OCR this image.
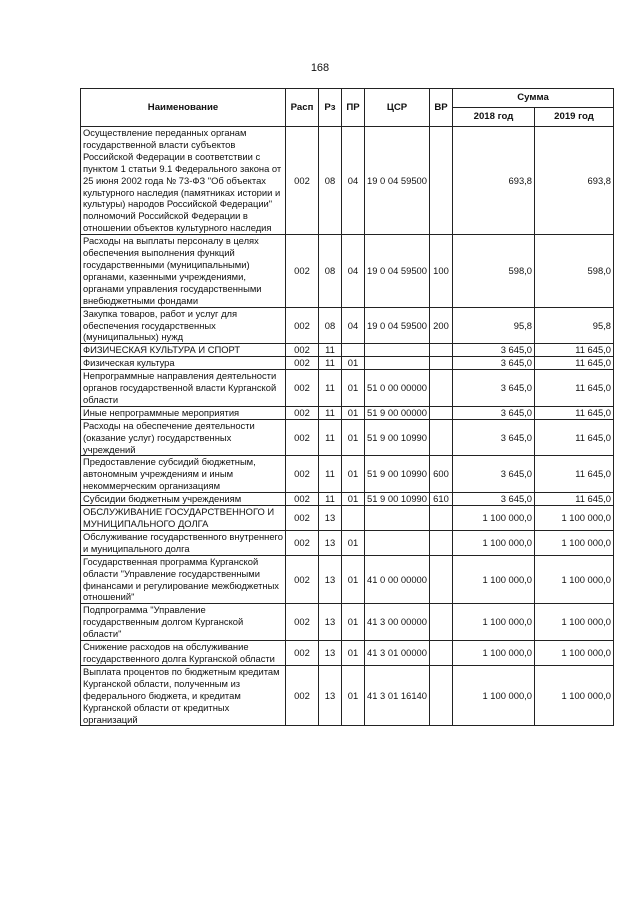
168
Наименование	Расп	Рз	ПР	ЦСР	ВР	Сумма	
						2018 год	2019 год
Осуществление переданных органам государственной власти субъектов Российской Федерации в соответствии с пунктом 1 статьи 9.1 Федерального закона от 25 июня 2002 года № 73-ФЗ "Об объектах культурного наследия (памятниках истории и культуры) народов Российской Федерации" полномочий Российской Федерации в отношении объектов культурного наследия	002	08	04	19 0 04 59500		693,8	693,8
Расходы на выплаты персоналу в целях обеспечения выполнения функций государственными (муниципальными) органами, казенными учреждениями, органами управления государственными внебюджетными фондами	002	08	04	19 0 04 59500	100	598,0	598,0
Закупка товаров, работ и услуг для обеспечения государственных (муниципальных) нужд	002	08	04	19 0 04 59500	200	95,8	95,8
ФИЗИЧЕСКАЯ КУЛЬТУРА И СПОРТ	002	11				3 645,0	11 645,0
Физическая культура	002	11	01			3 645,0	11 645,0
Непрограммные направления деятельности органов государственной власти Курганской области	002	11	01	51 0 00 00000		3 645,0	11 645,0
Иные непрограммные мероприятия	002	11	01	51 9 00 00000		3 645,0	11 645,0
Расходы на обеспечение деятельности (оказание услуг) государственных учреждений	002	11	01	51 9 00 10990		3 645,0	11 645,0
Предоставление субсидий бюджетным, автономным учреждениям и иным некоммерческим организациям	002	11	01	51 9 00 10990	600	3 645,0	11 645,0
Субсидии бюджетным учреждениям	002	11	01	51 9 00 10990	610	3 645,0	11 645,0
ОБСЛУЖИВАНИЕ ГОСУДАРСТВЕННОГО И МУНИЦИПАЛЬНОГО ДОЛГА	002	13				1 100 000,0	1 100 000,0
Обслуживание государственного внутреннего и муниципального долга	002	13	01			1 100 000,0	1 100 000,0
Государственная программа Курганской области "Управление государственными финансами и регулирование межбюджетных отношений"	002	13	01	41 0 00 00000		1 100 000,0	1 100 000,0
Подпрограмма "Управление государственным долгом Курганской области"	002	13	01	41 3 00 00000		1 100 000,0	1 100 000,0
Снижение расходов на обслуживание государственного долга Курганской области	002	13	01	41 3 01 00000		1 100 000,0	1 100 000,0
Выплата процентов по бюджетным кредитам Курганской области, полученным из федерального бюджета, и кредитам Курганской области от кредитных организаций	002	13	01	41 3 01 16140		1 100 000,0	1 100 000,0
